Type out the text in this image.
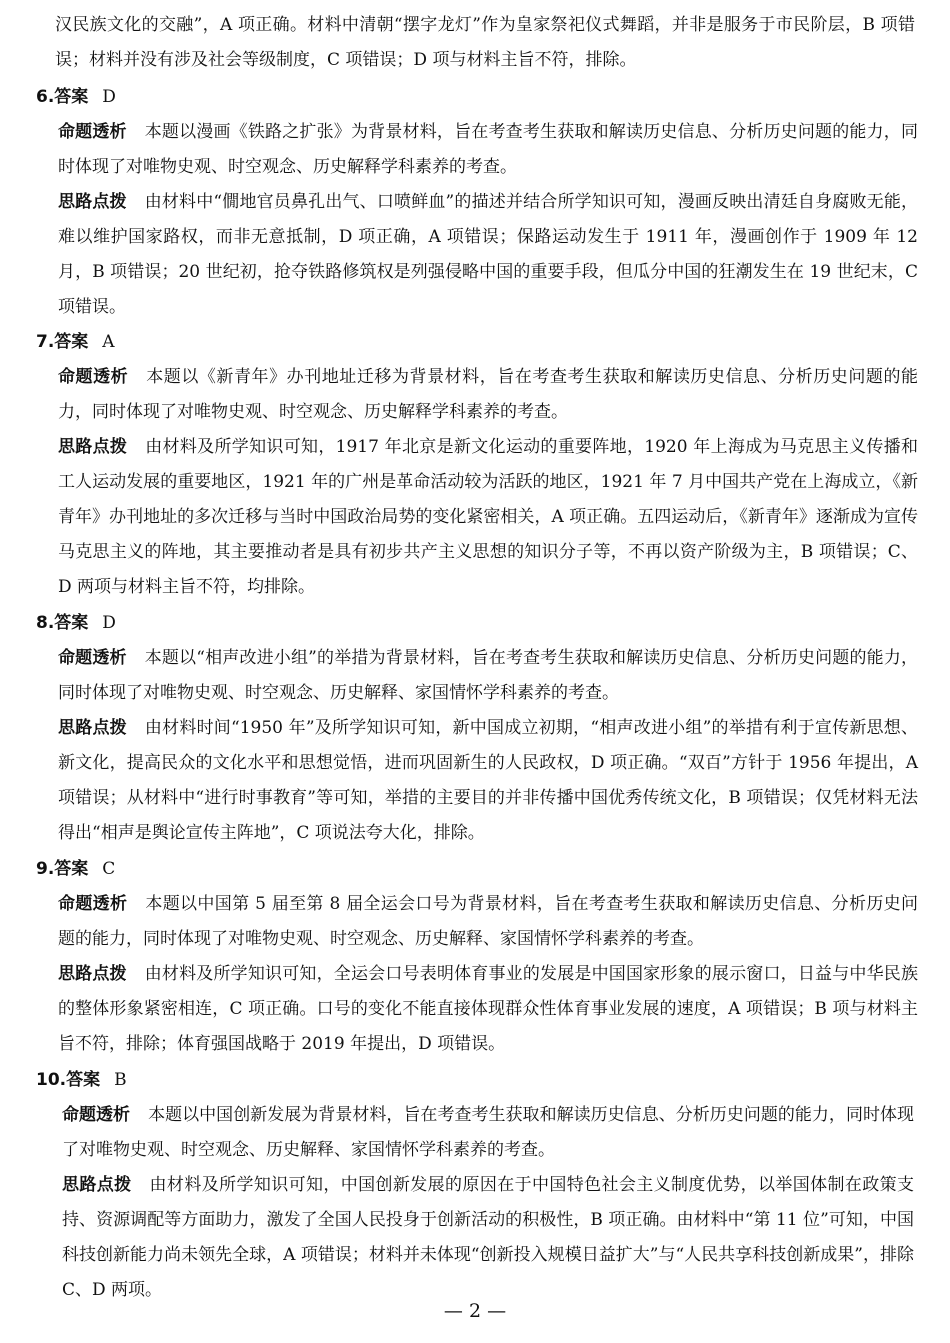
汉民族文化的交融”，A 项正确。材料中清朝“摆字龙灯”作为皇家祭祀仪式舞蹈，并非是服务于市民阶层，B 项错误；材料并没有涉及社会等级制度，C 项错误；D 项与材料主旨不符，排除。

6.答案 D

命题透析 本题以漫画《铁路之扩张》为背景材料，旨在考查考生获取和解读历史信息、分析历史问题的能力，同时体现了对唯物史观、时空观念、历史解释学科素养的考查。

思路点拨 由材料中“僩地官员鼻孔出气、口喷鲜血”的描述并结合所学知识可知，漫画反映出清廷自身腐败无能，难以维护国家路权，而非无意抵制，D 项正确，A 项错误；保路运动发生于 1911 年，漫画创作于 1909 年 12 月，B 项错误；20 世纪初，抢夺铁路修筑权是列强侵略中国的重要手段，但瓜分中国的狂潮发生在 19 世纪末，C 项错误。

7.答案 A

命题透析 本题以《新青年》办刊地址迁移为背景材料，旨在考查考生获取和解读历史信息、分析历史问题的能力，同时体现了对唯物史观、时空观念、历史解释学科素养的考查。

思路点拨 由材料及所学知识可知，1917 年北京是新文化运动的重要阵地，1920 年上海成为马克思主义传播和工人运动发展的重要地区，1921 年的广州是革命活动较为活跃的地区，1921 年 7 月中国共产党在上海成立，《新青年》办刊地址的多次迁移与当时中国政治局势的变化紧密相关，A 项正确。五四运动后，《新青年》逐渐成为宣传马克思主义的阵地，其主要推动者是具有初步共产主义思想的知识分子等，不再以资产阶级为主，B 项错误；C、D 两项与材料主旨不符，均排除。

8.答案 D

命题透析 本题以“相声改进小组”的举措为背景材料，旨在考查考生获取和解读历史信息、分析历史问题的能力，同时体现了对唯物史观、时空观念、历史解释、家国情怀学科素养的考查。

思路点拨 由材料时间“1950 年”及所学知识可知，新中国成立初期，“相声改进小组”的举措有利于宣传新思想、新文化，提高民众的文化水平和思想觉悟，进而巩固新生的人民政权，D 项正确。“双百”方针于 1956 年提出，A 项错误；从材料中“进行时事教育”等可知，举措的主要目的并非传播中国优秀传统文化，B 项错误；仅凭材料无法得出“相声是舆论宣传主阵地”，C 项说法夸大化，排除。

9.答案 C

命题透析 本题以中国第 5 届至第 8 届全运会口号为背景材料，旨在考查考生获取和解读历史信息、分析历史问题的能力，同时体现了对唯物史观、时空观念、历史解释、家国情怀学科素养的考查。

思路点拨 由材料及所学知识可知，全运会口号表明体育事业的发展是中国国家形象的展示窗口，日益与中华民族的整体形象紧密相连，C 项正确。口号的变化不能直接体现群众性体育事业发展的速度，A 项错误；B 项与材料主旨不符，排除；体育强国战略于 2019 年提出，D 项错误。

10.答案 B

命题透析 本题以中国创新发展为背景材料，旨在考查考生获取和解读历史信息、分析历史问题的能力，同时体现了对唯物史观、时空观念、历史解释、家国情怀学科素养的考查。

思路点拨 由材料及所学知识可知，中国创新发展的原因在于中国特色社会主义制度优势，以举国体制在政策支持、资源调配等方面助力，激发了全国人民投身于创新活动的积极性，B 项正确。由材料中“第 11 位”可知，中国科技创新能力尚未领先全球，A 项错误；材料并未体现“创新投入规模日益扩大”与“人民共享科技创新成果”，排除 C、D 两项。

— 2 —
